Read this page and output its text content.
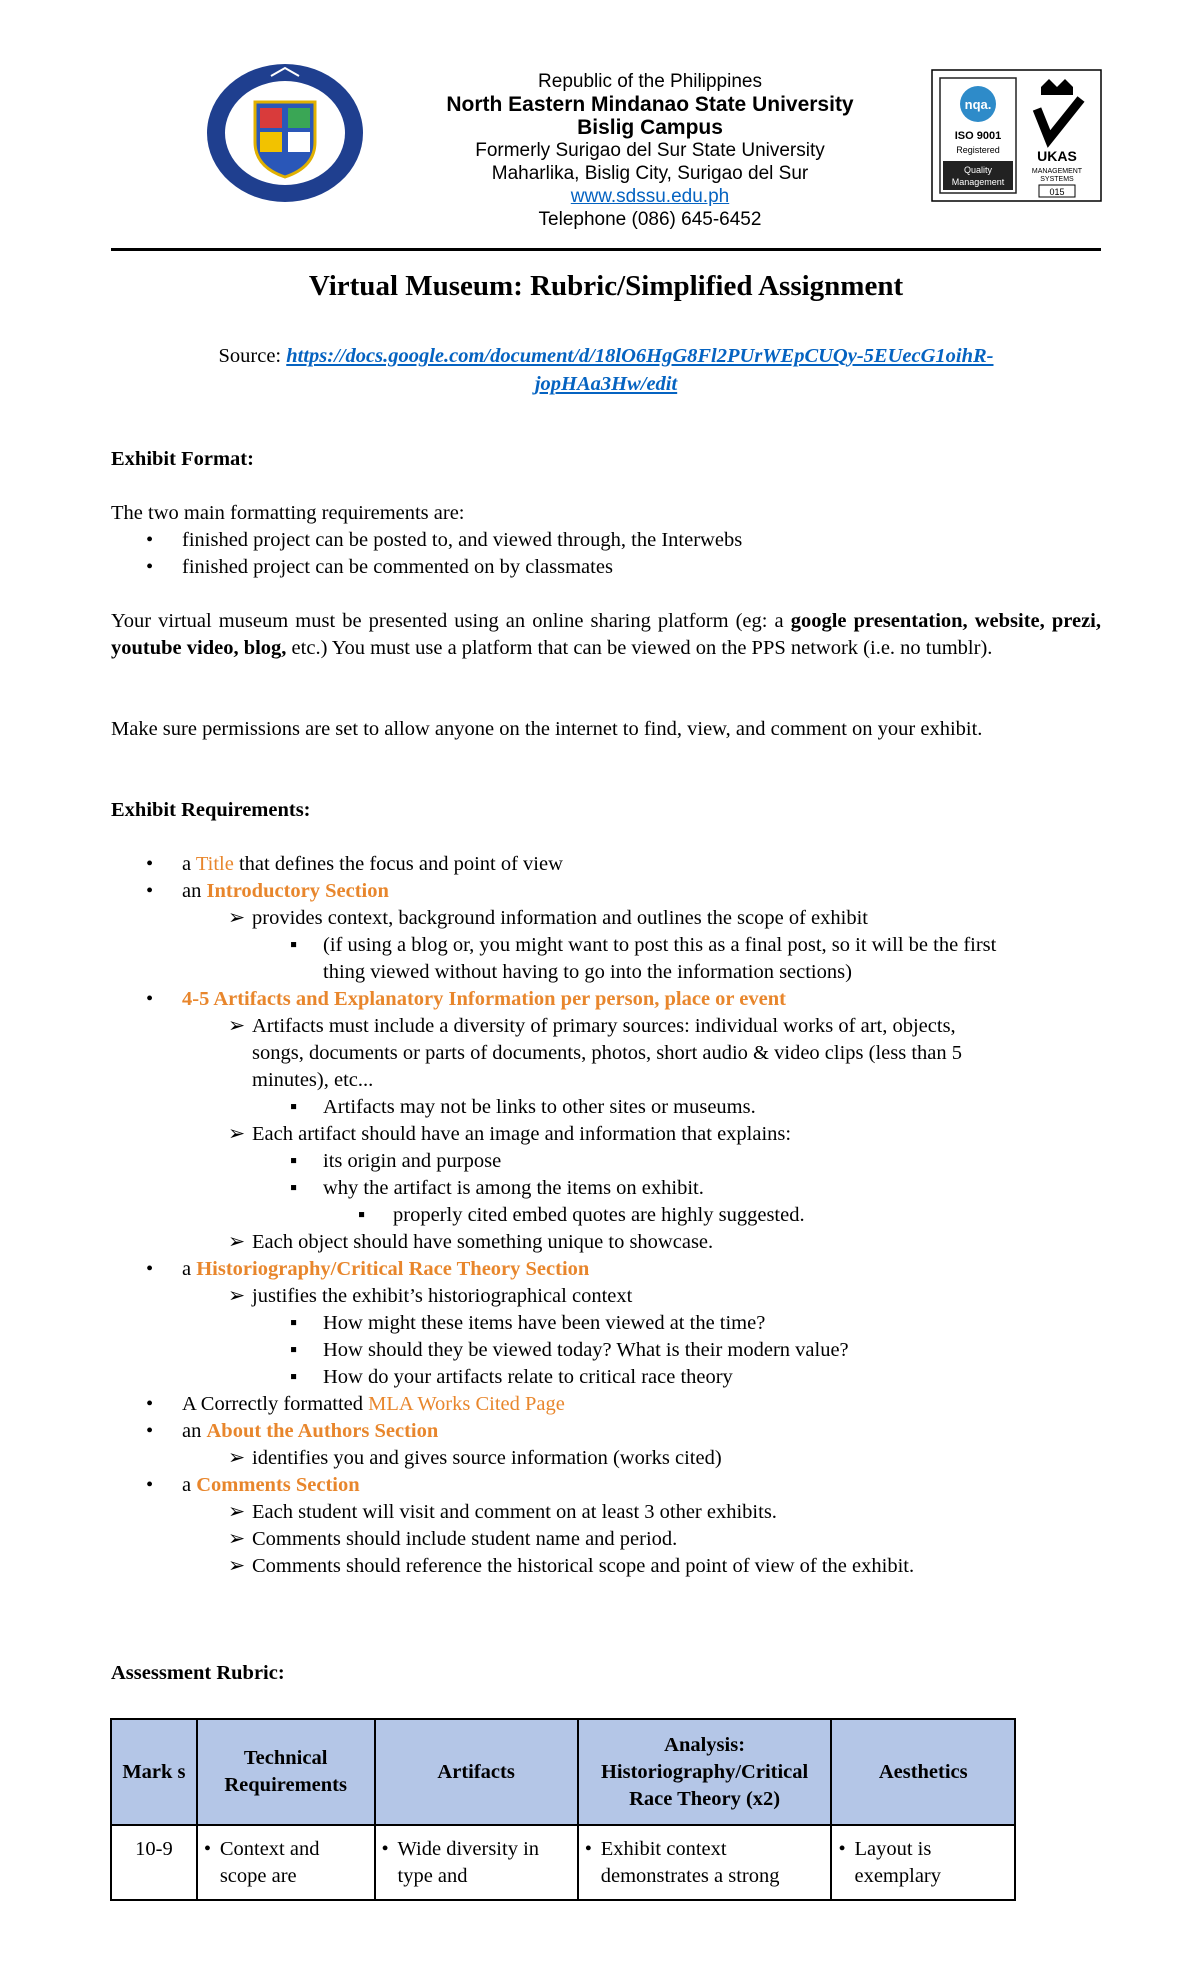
Republic of the Philippines
North Eastern Mindanao State University
Bislig Campus
Formerly Surigao del Sur State University
Maharlika, Bislig City, Surigao del Sur
www.sdssu.edu.ph
Telephone (086) 645-6452
nqa.
ISO 9001
Registered
Quality
Management
UKAS
MANAGEMENT
SYSTEMS
015
Virtual Museum: Rubric/Simplified Assignment
Source: https://docs.google.com/document/d/18lO6HgG8Fl2PUrWEpCUQy-5EUecG1oihR-
jopHAa3Hw/edit
Exhibit Format:
The two main formatting requirements are:
• finished project can be posted to, and viewed through, the Interwebs
• finished project can be commented on by classmates
Your virtual museum must be presented using an online sharing platform (eg: a google presentation, website, prezi, youtube video, blog, etc.) You must use a platform that can be viewed on the PPS network (i.e. no tumblr).
Make sure permissions are set to allow anyone on the internet to find, view, and comment on your exhibit.
Exhibit Requirements:
• a Title that defines the focus and point of view
• an Introductory Section
➢ provides context, background information and outlines the scope of exhibit
▪ (if using a blog or, you might want to post this as a final post, so it will be the first
thing viewed without having to go into the information sections)
• 4-5 Artifacts and Explanatory Information per person, place or event
➢ Artifacts must include a diversity of primary sources: individual works of art, objects,
songs, documents or parts of documents, photos, short audio & video clips (less than 5
minutes), etc...
▪ Artifacts may not be links to other sites or museums.
➢ Each artifact should have an image and information that explains:
▪ its origin and purpose
▪ why the artifact is among the items on exhibit.
▪ properly cited embed quotes are highly suggested.
➢ Each object should have something unique to showcase.
• a Historiography/Critical Race Theory Section
➢ justifies the exhibit’s historiographical context
▪ How might these items have been viewed at the time?
▪ How should they be viewed today? What is their modern value?
▪ How do your artifacts relate to critical race theory
• A Correctly formatted MLA Works Cited Page
• an About the Authors Section
➢ identifies you and gives source information (works cited)
• a Comments Section
➢ Each student will visit and comment on at least 3 other exhibits.
➢ Comments should include student name and period.
➢ Comments should reference the historical scope and point of view of the exhibit.
Assessment Rubric:
Mark s	Technical Requirements	Artifacts	Analysis: Historiography/Critical Race Theory (x2)	Aesthetics
10-9	• Context and scope are	• Wide diversity in type and	• Exhibit context demonstrates a strong	• Layout is exemplary
